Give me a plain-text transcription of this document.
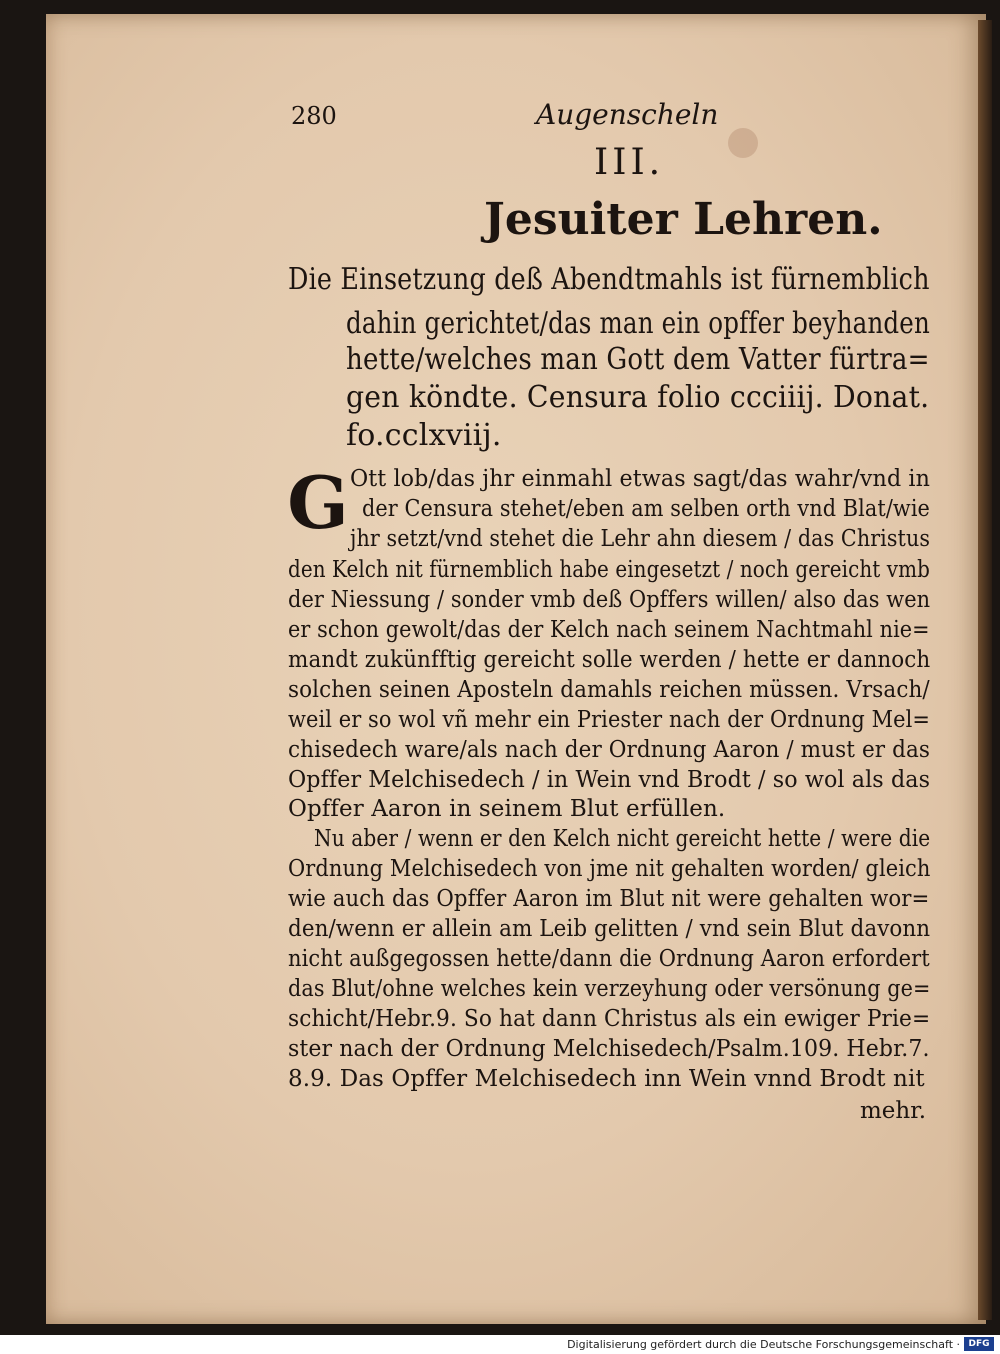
280	Augenscheln
III.
Jesuiter Lehren.
Die Einsetzung deß Abendtmahls ist fürnemblich
dahin gerichtet/das man ein opffer beyhanden
hette/welches man Gott dem Vatter fürtra=
gen köndte. Censura folio ccciiij. Donat.
fo.cclxviij.
G Ott lob/das jhr einmahl etwas sagt/das wahr/vnd in
der Censura stehet/eben am selben orth vnd Blat/wie
jhr setzt/vnd stehet die Lehr ahn diesem / das Christus
den Kelch nit fürnemblich habe eingesetzt / noch gereicht vmb
der Niessung / sonder vmb deß Opffers willen/ also das wen
er schon gewolt/das der Kelch nach seinem Nachtmahl nie=
mandt zukünfftig gereicht solle werden / hette er dannoch
solchen seinen Aposteln damahls reichen müssen. Vrsach/
weil er so wol vñ mehr ein Priester nach der Ordnung Mel=
chisedech ware/als nach der Ordnung Aaron / must er das
Opffer Melchisedech / in Wein vnd Brodt / so wol als das
Opffer Aaron in seinem Blut erfüllen.
Nu aber / wenn er den Kelch nicht gereicht hette / were die
Ordnung Melchisedech von jme nit gehalten worden/ gleich
wie auch das Opffer Aaron im Blut nit were gehalten wor=
den/wenn er allein am Leib gelitten / vnd sein Blut davonn
nicht außgegossen hette/dann die Ordnung Aaron erfordert
das Blut/ohne welches kein verzeyhung oder versönung ge=
schicht/Hebr.9. So hat dann Christus als ein ewiger Prie=
ster nach der Ordnung Melchisedech/Psalm.109. Hebr.7.
8.9. Das Opffer Melchisedech inn Wein vnnd Brodt nit
mehr.
Digitalisierung gefördert durch die Deutsche Forschungsgemeinschaft · DFG
